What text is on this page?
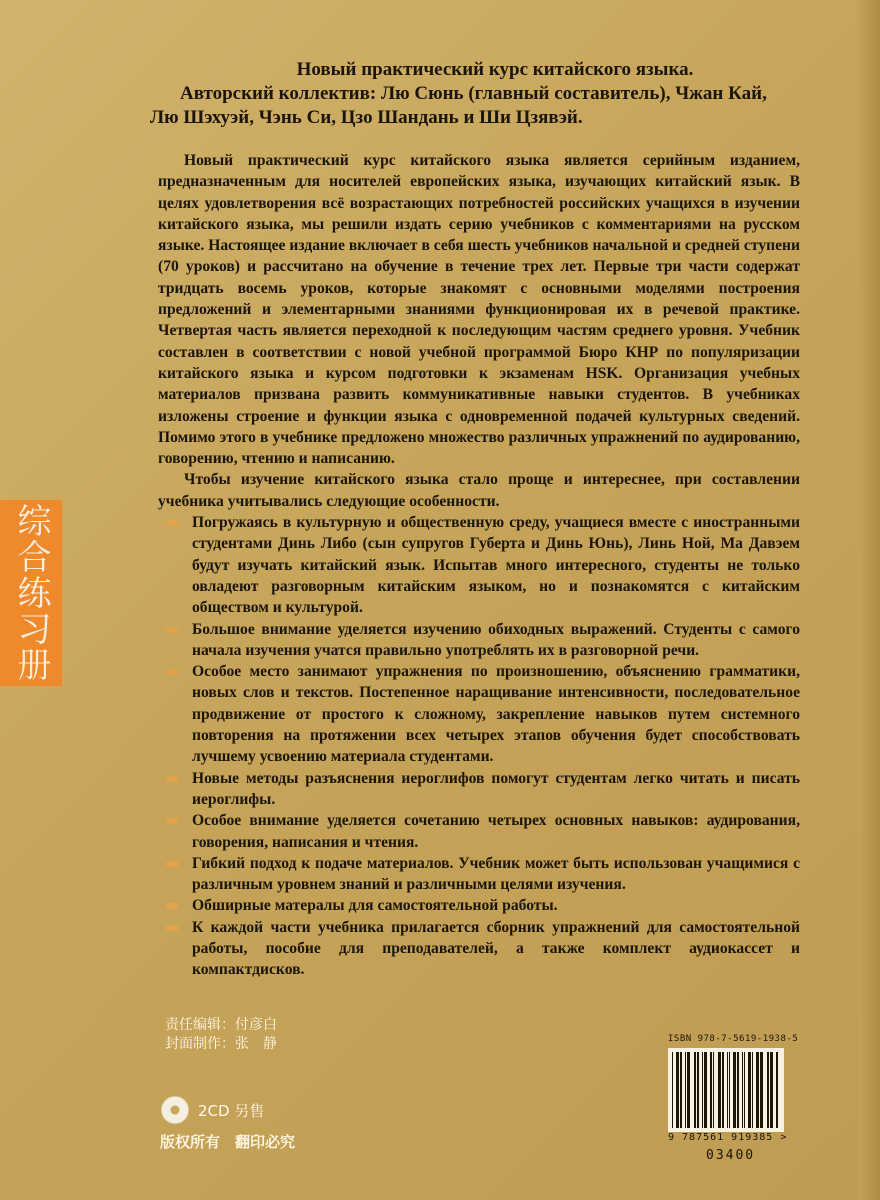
Новый практический курс китайского языка.
Авторский коллектив: Лю Сюнь (главный составитель), Чжан Кай,
Лю Шэхуэй, Чэнь Си, Цзо Шандань и Ши Цзявэй.

Новый практический курс китайского языка является серийным изданием, предназначенным для носителей европейских языка, изучающих китайский язык. В целях удовлетворения всё возрастающих потребностей российских учащихся в изучении китайского языка, мы решили издать серию учебников с комментариями на русском языке. Настоящее издание включает в себя шесть учебников начальной и средней ступени (70 уроков) и рассчитано на обучение в течение трех лет. Первые три части содержат тридцать восемь уроков, которые знакомят с основными моделями построения предложений и элементарными знаниями функционировая их в речевой практике. Четвертая часть является переходной к последующим частям среднего уровня. Учебник составлен в соответствии с новой учебной программой Бюро КНР по популяризации китайского языка и курсом подготовки к экзаменам HSK. Организация учебных материалов призвана развить коммуникативные навыки студентов. В учебниках изложены строение и функции языка с одновременной подачей культурных сведений. Помимо этого в учебнике предложено множество различных упражнений по аудированию, говорению, чтению и написанию.

Чтобы изучение китайского языка стало проще и интереснее, при составлении учебника учитывались следующие особенности.

Погружаясь в культурную и общественную среду, учащиеся вместе с иностранными студентами Динь Либо (сын супругов Губерта и Динь Юнь), Линь Ной, Ма Давэем будут изучать китайский язык. Испытав много интересного, студенты не только овладеют разговорным китайским языком, но и познакомятся с китайским обществом и культурой.
Большое внимание уделяется изучению обиходных выражений. Студенты с самого начала изучения учатся правильно употреблять их в разговорной речи.
Особое место занимают упражнения по произношению, объяснению грамматики, новых слов и текстов. Постепенное наращивание интенсивности, последовательное продвижение от простого к сложному, закрепление навыков путем системного повторения на протяжении всех четырех этапов обучения будет способствовать лучшему усвоению материала студентами.
Новые методы разъяснения иероглифов помогут студентам легко читать и писать иероглифы.
Особое внимание уделяется сочетанию четырех основных навыков: аудирования, говорения, написания и чтения.
Гибкий подход к подаче материалов. Учебник может быть использован учащимися с различным уровнем знаний и различными целями изучения.
Обширные матерaлы для самостоятельной работы.
К каждой части учебника прилагается сборник упражнений для самостоятельной работы, пособие для преподавателей, а также комплект аудиокассет и компактдисков.
综合练习册
责任编辑：付彦白
封面制作：张　静
2CD 另售
版权所有　翻印必究
ISBN 978-7-5619-1938-5
9 787561 919385 >
03400
